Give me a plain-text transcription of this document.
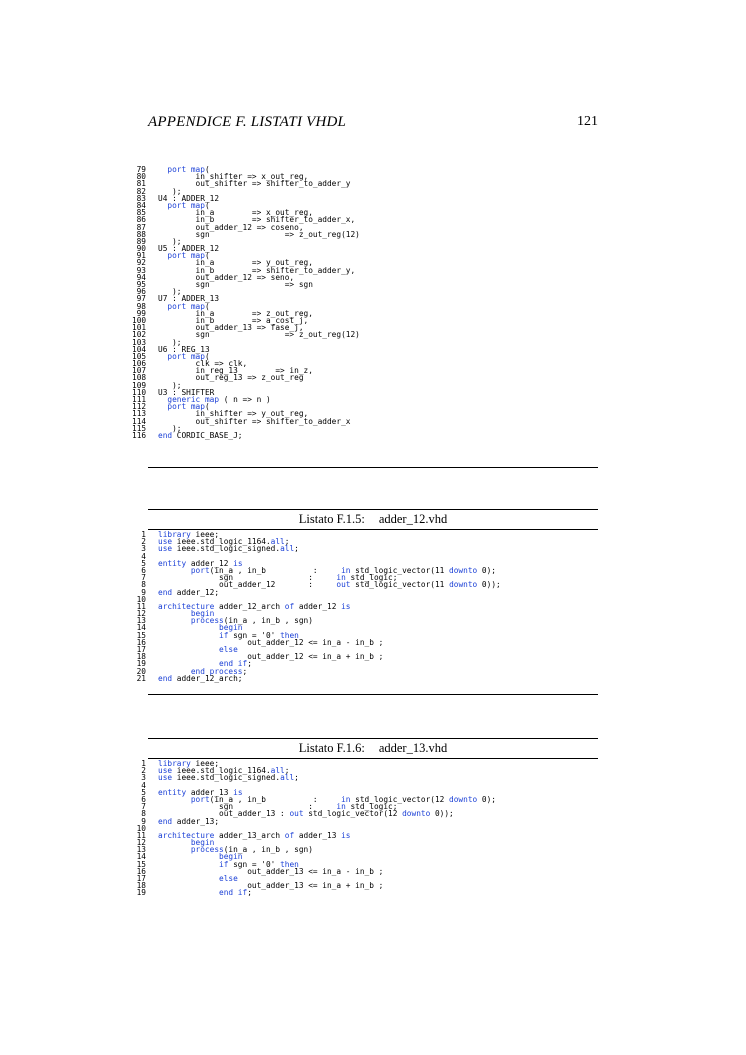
APPENDICE F. LISTATI VHDL	121
79	port map(
80        in_shifter => x_out_reg,
81        out_shifter => shifter_to_adder_y
82   );
83 U4 : ADDER_12
84	port map(
85        in_a        => x_out_reg,
86        in_b        => shifter_to_adder_x,
87        out_adder_12 => coseno,
88        sgn                => z_out_reg(12)
89   );
90 U5 : ADDER_12
91	port map(
92        in_a        => y_out_reg,
93        in_b        => shifter_to_adder_y,
94        out_adder_12 => seno,
95        sgn                => sgn
96   );
97 U7 : ADDER_13
98	port map(
99        in_a        => z_out_reg,
100        in_b        => a_cost_j,
101        out_adder_13 => fase_j,
102        sgn                => z_out_reg(12)
103   );
104 U6 : REG_13
105	port map(
106        clk => clk,
107        in_reg_13        => in_z,
108        out_reg_13 => z_out_reg
109   );
110 U3 : SHIFTER
111	generic map ( n => n )
112	port map(
113        in_shifter => y_out_reg,
114        out_shifter => shifter_to_adder_x
115   );
116 end CORDIC_BASE_J;
Listato F.1.5: adder_12.vhd
1 library ieee;
2 use ieee.std_logic_1164.all;
3 use ieee.std_logic_signed.all;
4
5 entity adder_12 is
6	port(in_a , in_b          :     in std_logic_vector(11 downto 0);
7             sgn                :     in std_logic;
8             out_adder_12       :     out std_logic_vector(11 downto 0));
9 end adder_12;
10
11 architecture adder_12_arch of adder_12 is
12	begin
13	process(in_a , in_b , sgn)
14	begin
15	if sgn = '0' then
16                   out_adder_12 <= in_a - in_b ;
17	else
18                   out_adder_12 <= in_a + in_b ;
19	end if;
20	end process;
21 end adder_12_arch;
Listato F.1.6: adder_13.vhd
1 library ieee;
2 use ieee.std_logic_1164.all;
3 use ieee.std_logic_signed.all;
4
5 entity adder_13 is
6	port(in_a , in_b          :     in std_logic_vector(12 downto 0);
7             sgn                :     in std_logic;
8             out_adder_13 : out std_logic_vector(12 downto 0));
9 end adder_13;
10
11 architecture adder_13_arch of adder_13 is
12	begin
13	process(in_a , in_b , sgn)
14	begin
15	if sgn = '0' then
16                   out_adder_13 <= in_a - in_b ;
17	else
18                   out_adder_13 <= in_a + in_b ;
19	end if;
